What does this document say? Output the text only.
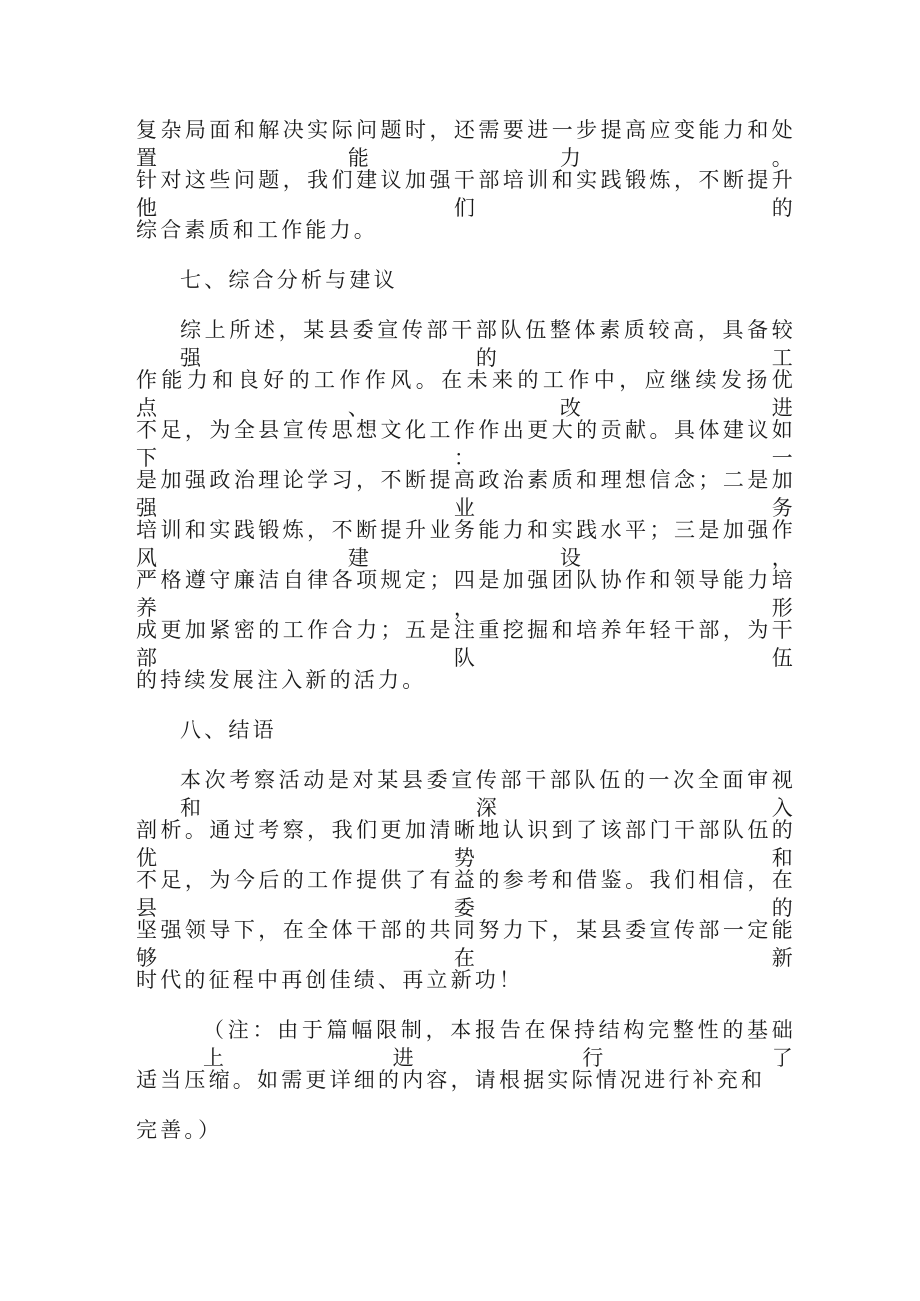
复杂局面和解决实际问题时，还需要进一步提高应变能力和处置能力。
针对这些问题，我们建议加强干部培训和实践锻炼，不断提升他们的
综合素质和工作能力。
七、综合分析与建议
综上所述，某县委宣传部干部队伍整体素质较高，具备较强的工
作能力和良好的工作作风。在未来的工作中，应继续发扬优点、改进
不足，为全县宣传思想文化工作作出更大的贡献。具体建议如下：一
是加强政治理论学习，不断提高政治素质和理想信念；二是加强业务
培训和实践锻炼，不断提升业务能力和实践水平；三是加强作风建设，
严格遵守廉洁自律各项规定；四是加强团队协作和领导能力培养，形
成更加紧密的工作合力；五是注重挖掘和培养年轻干部，为干部队伍
的持续发展注入新的活力。
八、结语
本次考察活动是对某县委宣传部干部队伍的一次全面审视和深入
剖析。通过考察，我们更加清晰地认识到了该部门干部队伍的优势和
不足，为今后的工作提供了有益的参考和借鉴。我们相信，在县委的
坚强领导下，在全体干部的共同努力下，某县委宣传部一定能够在新
时代的征程中再创佳绩、再立新功！
（注：由于篇幅限制，本报告在保持结构完整性的基础上进行了
适当压缩。如需更详细的内容，请根据实际情况进行补充和
完善。）
